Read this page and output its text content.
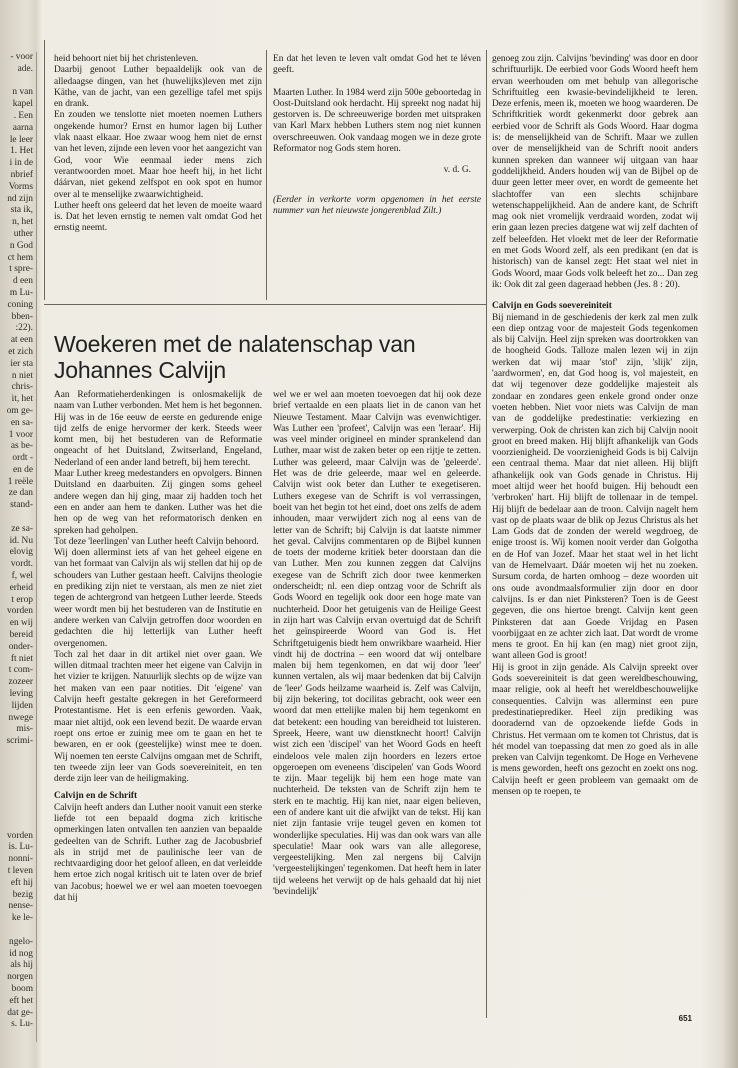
- voor

ade.

n van

kapel

. Een

aarna

le leer

1. Het

i in de

nbrief

Vorms

nd zijn

sta ik,

n, het

uther

n God

ct hem

t spre-

d een

m Lu-

coning

bben-

:22).

at een

et zich

ier sta

n niet

chris-

it, het

om ge-

en sa-

1 voor

as be-

ordt -

en de

1 reële

ze dan

stand-

ze sa-

id. Nu

elovig

vordt.

f, wel

erheid

t erop

vorden

en wij

bereid

onder-

ft niet

t com-

zozeer

leving

lijden

nwege

mis-

scrimi-

vorden

is. Lu-

nonni-

t leven

eft hij

bezig

nense-

ke le-

ngelo-

id nog

als hij

norgen

boom

eft het

dat ge-

s. Lu-

heid behoort niet bij het christenleven.

Daarbij genoot Luther bepaaldelijk ook van de alledaagse dingen, van het (huwelijks)leven met zijn Käthe, van de jacht, van een gezellige tafel met spijs en drank.

En zouden we tenslotte niet moeten noemen Luthers ongekende humor? Ernst en humor lagen bij Luther vlak naast elkaar. Hoe zwaar woog hem niet de ernst van het leven, zijnde een leven voor het aangezicht van God, voor Wie eenmaal ieder mens zich verantwoorden moet. Maar hoe heeft hij, in het licht dáárvan, niet gekend zelfspot en ook spot en humor over al te menselijke zwaarwichtigheid.

Luther heeft ons geleerd dat het leven de moeite waard is. Dat het leven ernstig te nemen valt omdat God het ernstig neemt.

En dat het leven te leven valt omdat God het te léven geeft.

Maarten Luther. In 1984 werd zijn 500e geboortedag in Oost-Duitsland ook herdacht. Hij spreekt nog nadat hij gestorven is. De schreeuwerige borden met uitspraken van Karl Marx hebben Luthers stem nog niet kunnen overschreeuwen. Ook vandaag mogen we in deze grote Reformator nog Gods stem horen.

v. d. G.

(Eerder in verkorte vorm opgenomen in het eerste nummer van het nieuwste jongerenblad Zilt.)

Woekeren met de nalatenschap van Johannes Calvijn

Aan Reformatieherdenkingen is onlosmakelijk de naam van Luther verbonden. Met hem is het begonnen. Hij was in de 16e eeuw de eerste en gedurende enige tijd zelfs de enige hervormer der kerk. Steeds weer komt men, bij het bestuderen van de Reformatie ongeacht of het Duitsland, Zwitserland, Engeland, Nederland of een ander land betreft, bij hem terecht.

Maar Luther kreeg medestanders en opvolgers. Binnen Duitsland en daarbuiten. Zij gingen soms geheel andere wegen dan hij ging, maar zij hadden toch het een en ander aan hem te danken. Luther was het die hen op de weg van het reformatorisch denken en spreken had geholpen.

Tot deze 'leerlingen' van Luther heeft Calvijn behoord.

Wij doen allerminst iets af van het geheel eigene en van het formaat van Calvijn als wij stellen dat hij op de schouders van Luther gestaan heeft. Calvijns theologie en prediking zijn niet te verstaan, als men ze niet ziet tegen de achtergrond van hetgeen Luther leerde. Steeds weer wordt men bij het bestuderen van de Institutie en andere werken van Calvijn getroffen door woorden en gedachten die hij letterlijk van Luther heeft overgenomen.

Toch zal het daar in dit artikel niet over gaan. We willen ditmaal trachten meer het eigene van Calvijn in het vizier te krijgen. Natuurlijk slechts op de wijze van het maken van een paar notities. Dit 'eigene' van Calvijn heeft gestalte gekregen in het Gereformeerd Protestantisme. Het is een erfenis geworden. Vaak, maar niet altijd, ook een levend bezit. De waarde ervan roept ons ertoe er zuinig mee om te gaan en het te bewaren, en er ook (geestelijke) winst mee te doen. Wij noemen ten eerste Calvijns omgaan met de Schrift, ten tweede zijn leer van Gods soevereiniteit, en ten derde zijn leer van de heiligmaking.

Calvijn en de Schrift

Calvijn heeft anders dan Luther nooit vanuit een sterke liefde tot een bepaald dogma zich kritische opmerkingen laten ontvallen ten aanzien van bepaalde gedeelten van de Schrift. Luther zag de Jacobusbrief als in strijd met de paulinische leer van de rechtvaardiging door het geloof alleen, en dat verleidde hem ertoe zich nogal kritisch uit te laten over de brief van Jacobus; hoewel we er wel aan moeten toevoegen dat hij

wel we er wel aan moeten toevoegen dat hij ook deze brief vertaalde en een plaats liet in de canon van het Nieuwe Testament. Maar Calvijn was evenwichtiger. Was Luther een 'profeet', Calvijn was een 'leraar'. Hij was veel minder origineel en minder sprankelend dan Luther, maar wist de zaken beter op een rijtje te zetten. Luther was geleerd, maar Calvijn was de 'geleerde'. Het was de drie geleerde, maar wel en geleerde. Calvijn wist ook beter dan Luther te exegetiseren. Luthers exegese van de Schrift is vol verrassingen, boeit van het begin tot het eind, doet ons zelfs de adem inhouden, maar verwijdert zich nog al eens van de letter van de Schrift; bij Calvijn is dat laatste nimmer het geval. Calvijns commentaren op de Bijbel kunnen de toets der moderne kritiek beter doorstaan dan die van Luther. Men zou kunnen zeggen dat Calvijns exegese van de Schrift zich door twee kenmerken onderscheidt; nl. een diep ontzag voor de Schrift als Gods Woord en tegelijk ook door een hoge mate van nuchterheid. Door het getuigenis van de Heilige Geest in zijn hart was Calvijn ervan overtuigd dat de Schrift het geïnspireerde Woord van God is. Het Schriftgetuigenis biedt hem onwrikbare waarheid. Hier vindt hij de doctrina – een woord dat wij ontelbare malen bij hem tegenkomen, en dat wij door 'leer' kunnen vertalen, als wij maar bedenken dat bij Calvijn de 'leer' Gods heilzame waarheid is. Zelf was Calvijn, bij zijn bekering, tot docilitas gebracht, ook weer een woord dat men ettelijke malen bij hem tegenkomt en dat betekent: een houding van bereidheid tot luisteren. Spreek, Heere, want uw dienstknecht hoort! Calvijn wist zich een 'discipel' van het Woord Gods en heeft eindeloos vele malen zijn hoorders en lezers ertoe opgeroepen om eveneens 'discipelen' van Gods Woord te zijn. Maar tegelijk bij hem een hoge mate van nuchterheid. De teksten van de Schrift zijn hem te sterk en te machtig. Hij kan niet, naar eigen believen, een of andere kant uit die afwijkt van de tekst. Hij kan niet zijn fantasie vrije teugel geven en komen tot wonderlijke speculaties. Hij was dan ook wars van alle speculatie! Maar ook wars van alle allegorese, vergeestelijking. Men zal nergens bij Calvijn 'vergeestelijkingen' tegenkomen. Dat heeft hem in later tijd weleens het verwijt op de hals gehaald dat hij niet 'bevindelijk'

genoeg zou zijn. Calvijns 'bevinding' was door en door schriftuurlijk. De eerbied voor Gods Woord heeft hem ervan weerhouden om met behulp van allegorische Schriftuitleg een kwasie-bevindelijkheid te leren. Deze erfenis, meen ik, moeten we hoog waarderen. De Schriftkritiek wordt gekenmerkt door gebrek aan eerbied voor de Schrift als Gods Woord. Haar dogma is: de menselijkheid van de Schrift. Maar we zullen over de menselijkheid van de Schrift nooit anders kunnen spreken dan wanneer wij uitgaan van haar goddelijkheid. Anders houden wij van de Bijbel op de duur geen letter meer over, en wordt de gemeente het slachtoffer van een slechts schijnbare wetenschappelijkheid. Aan de andere kant, de Schrift mag ook niet vromelijk verdraaid worden, zodat wij erin gaan lezen precies datgene wat wij zelf dachten of zelf beleefden. Het vloekt met de leer der Reformatie en met Gods Woord zelf, als een predikant (en dat is historisch) van de kansel zegt: Het staat wel niet in Gods Woord, maar Gods volk beleeft het zo... Dan zeg ik: Ook dit zal geen dageraad hebben (Jes. 8 : 20).

Calvijn en Gods soevereiniteit

Bij niemand in de geschiedenis der kerk zal men zulk een diep ontzag voor de majesteit Gods tegenkomen als bij Calvijn. Heel zijn spreken was doortrokken van de hoogheid Gods. Talloze malen lezen wij in zijn werken dat wij maar 'stof' zijn, 'slijk' zijn, 'aardwormen', en, dat God hoog is, vol majesteit, en dat wij tegenover deze goddelijke majesteit als zondaar en zondares geen enkele grond onder onze voeten hebben. Niet voor niets was Calvijn de man van de goddelijke predestinatie: verkiezing en verwerping. Ook de christen kan zich bij Calvijn nooit groot en breed maken. Hij blijft afhankelijk van Gods voorzienigheid. De voorzienigheid Gods is bij Calvijn een centraal thema. Maar dat niet alleen. Hij blijft afhankelijk ook van Gods genade in Christus. Hij moet altijd weer het hoofd buigen. Hij behoudt een 'verbroken' hart. Hij blijft de tollenaar in de tempel. Hij blijft de bedelaar aan de troon. Calvijn nagelt hem vast op de plaats waar de blik op Jezus Christus als het Lam Gods dat de zonden der wereld wegdroeg, de enige troost is. Wij komen nooit verder dan Golgotha en de Hof van Jozef. Maar het staat wel in het licht van de Hemelvaart. Dáár moeten wij het nu zoeken. Sursum corda, de harten omhoog – deze woorden uit ons oude avondmaalsformulier zijn door en door calvijns. Is er dan niet Pinksteren? Toen is de Geest gegeven, die ons hiertoe brengt. Calvijn kent geen Pinksteren dat aan Goede Vrijdag en Pasen voorbijgaat en ze achter zich laat. Dat wordt de vrome mens te groot. En hij kan (en mag) niet groot zijn, want alleen God is groot!

Hij is groot in zijn genáde. Als Calvijn spreekt over Gods soevereiniteit is dat geen wereldbeschouwing, maar religie, ook al heeft het wereldbeschouwelijke consequenties. Calvijn was allerminst een pure predestinatieprediker. Heel zijn prediking was dooradernd van de opzoekende liefde Gods in Christus. Het vermaan om te komen tot Christus, dat is hét model van toepassing dat men zo goed als in alle preken van Calvijn tegenkomt. De Hoge en Verhevene is mens geworden, heeft ons gezocht en zoekt ons nog. Calvijn heeft er geen probleem van gemaakt om de mensen op te roepen, te

651
